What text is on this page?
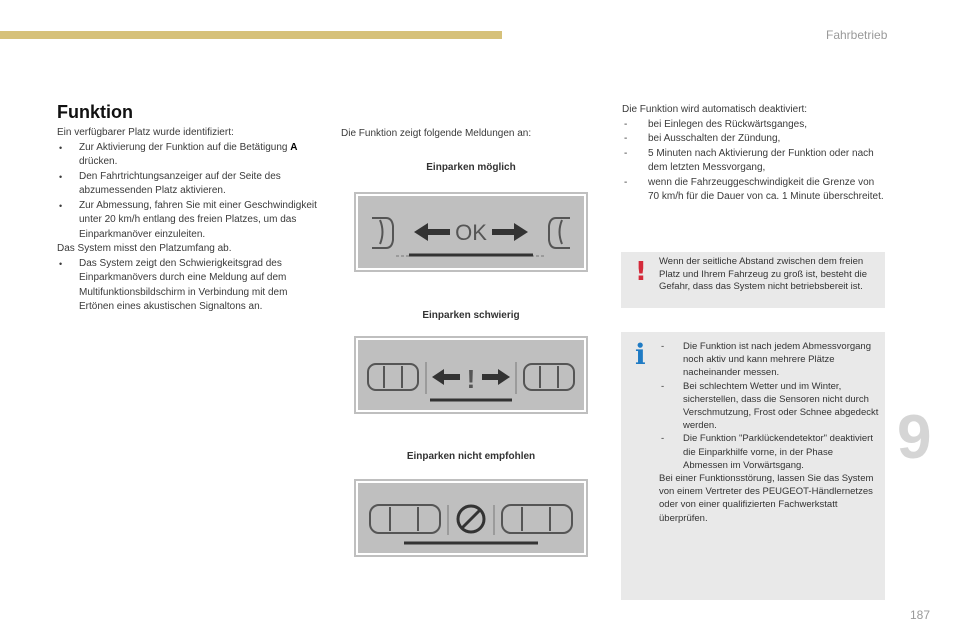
Fahrbetrieb
9
187
Funktion

Ein verfügbarer Platz wurde identifiziert:

• Zur Aktivierung der Funktion auf die Betätigung A drücken.

• Den Fahrtrichtungsanzeiger auf der Seite des abzumessenden Platz aktivieren.

• Zur Abmessung, fahren Sie mit einer Geschwindigkeit unter 20 km/h entlang des freien Platzes, um das Einparkmanöver einzuleiten.

Das System misst den Platzumfang ab.

• Das System zeigt den Schwierigkeitsgrad des Einparkmanövers durch eine Meldung auf dem Multifunktionsbildschirm in Verbindung mit dem Ertönen eines akustischen Signaltons an.

Die Funktion zeigt folgende Meldungen an:
Einparken möglich
OK
Einparken schwierig
!
Einparken nicht empfohlen

Die Funktion wird automatisch deaktiviert:

- bei Einlegen des Rückwärtsganges,

- bei Ausschalten der Zündung,

- 5 Minuten nach Aktivierung der Funktion oder nach dem letzten Messvorgang,

- wenn die Fahrzeuggeschwindigkeit die Grenze von 70 km/h für die Dauer von ca. 1 Minute überschreitet.

! Wenn der seitliche Abstand zwischen dem freien Platz und Ihrem Fahrzeug zu groß ist, besteht die Gefahr, dass das System nicht betriebsbereit ist.
i - Die Funktion ist nach jedem Abmessvorgang noch aktiv und kann mehrere Plätze nacheinander messen.

- Bei schlechtem Wetter und im Winter, sicherstellen, dass die Sensoren nicht durch Verschmutzung, Frost oder Schnee abgedeckt werden.

- Die Funktion "Parklückendetektor" deaktiviert die Einparkhilfe vorne, in der Phase Abmessen im Vorwärtsgang.

Bei einer Funktionsstörung, lassen Sie das System von einem Vertreter des PEUGEOT-Händlernetzes oder von einer qualifizierten Fachwerkstatt überprüfen.
